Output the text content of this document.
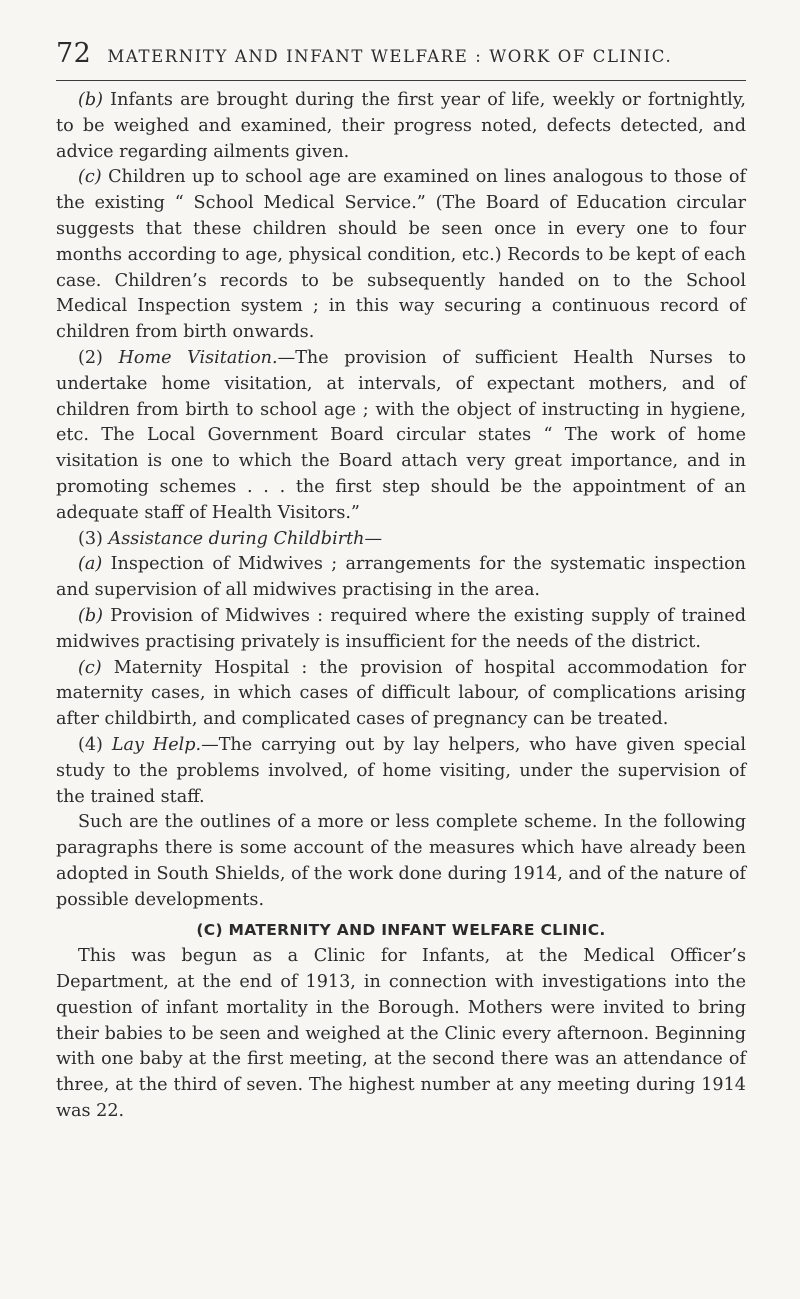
72 MATERNITY AND INFANT WELFARE : WORK OF CLINIC.

(b) Infants are brought during the first year of life, weekly or fortnightly, to be weighed and examined, their progress noted, defects detected, and advice regarding ailments given.

(c) Children up to school age are examined on lines analogous to those of the existing “ School Medical Service.” (The Board of Education circular suggests that these children should be seen once in every one to four months according to age, physical condition, etc.) Records to be kept of each case. Children’s records to be subsequently handed on to the School Medical Inspection system ; in this way securing a continuous record of children from birth onwards.

(2) Home Visitation.—The provision of sufficient Health Nurses to undertake home visitation, at intervals, of expectant mothers, and of children from birth to school age ; with the object of instructing in hygiene, etc. The Local Government Board circular states “ The work of home visitation is one to which the Board attach very great importance, and in promoting schemes . . . the first step should be the appointment of an adequate staff of Health Visitors.”

(3) Assistance during Childbirth—

(a) Inspection of Midwives ; arrangements for the systematic inspection and supervision of all midwives practising in the area.

(b) Provision of Midwives : required where the existing supply of trained midwives practising privately is insufficient for the needs of the district.

(c) Maternity Hospital : the provision of hospital accommodation for maternity cases, in which cases of difficult labour, of complications arising after childbirth, and complicated cases of pregnancy can be treated.

(4) Lay Help.—The carrying out by lay helpers, who have given special study to the problems involved, of home visiting, under the supervision of the trained staff.

Such are the outlines of a more or less complete scheme. In the following paragraphs there is some account of the measures which have already been adopted in South Shields, of the work done during 1914, and of the nature of possible developments.

(C) MATERNITY AND INFANT WELFARE CLINIC.

This was begun as a Clinic for Infants, at the Medical Officer’s Department, at the end of 1913, in connection with investigations into the question of infant mortality in the Borough. Mothers were invited to bring their babies to be seen and weighed at the Clinic every afternoon. Beginning with one baby at the first meeting, at the second there was an attendance of three, at the third of seven. The highest number at any meeting during 1914 was 22.
